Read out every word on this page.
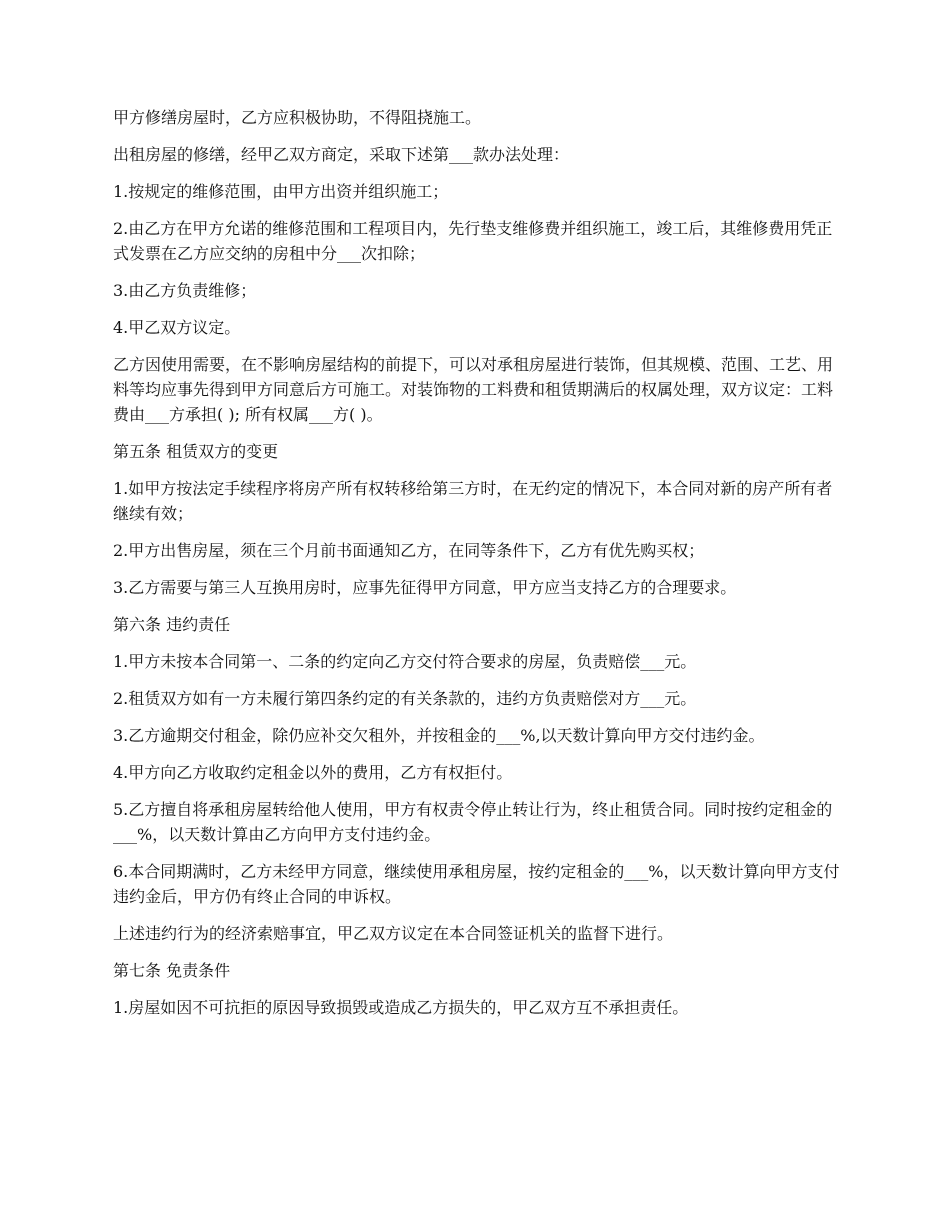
甲方修缮房屋时，乙方应积极协助，不得阻挠施工。

出租房屋的修缮，经甲乙双方商定，采取下述第___款办法处理：

1.按规定的维修范围，由甲方出资并组织施工；

2.由乙方在甲方允诺的维修范围和工程项目内，先行垫支维修费并组织施工，竣工后，其维修费用凭正式发票在乙方应交纳的房租中分___次扣除；

3.由乙方负责维修；

4.甲乙双方议定。

乙方因使用需要，在不影响房屋结构的前提下，可以对承租房屋进行装饰，但其规模、范围、工艺、用料等均应事先得到甲方同意后方可施工。对装饰物的工料费和租赁期满后的权属处理，双方议定：工料费由___方承担( ); 所有权属___方( )。

第五条 租赁双方的变更

1.如甲方按法定手续程序将房产所有权转移给第三方时，在无约定的情况下，本合同对新的房产所有者继续有效；

2.甲方出售房屋，须在三个月前书面通知乙方，在同等条件下，乙方有优先购买权；

3.乙方需要与第三人互换用房时，应事先征得甲方同意，甲方应当支持乙方的合理要求。

第六条 违约责任

1.甲方未按本合同第一、二条的约定向乙方交付符合要求的房屋，负责赔偿___元。

2.租赁双方如有一方未履行第四条约定的有关条款的，违约方负责赔偿对方___元。

3.乙方逾期交付租金，除仍应补交欠租外，并按租金的___%,以天数计算向甲方交付违约金。

4.甲方向乙方收取约定租金以外的费用，乙方有权拒付。

5.乙方擅自将承租房屋转给他人使用，甲方有权责令停止转让行为，终止租赁合同。同时按约定租金的___%，以天数计算由乙方向甲方支付违约金。

6.本合同期满时，乙方未经甲方同意，继续使用承租房屋，按约定租金的___%，以天数计算向甲方支付违约金后，甲方仍有终止合同的申诉权。

上述违约行为的经济索赔事宜，甲乙双方议定在本合同签证机关的监督下进行。

第七条 免责条件

1.房屋如因不可抗拒的原因导致损毁或造成乙方损失的，甲乙双方互不承担责任。
